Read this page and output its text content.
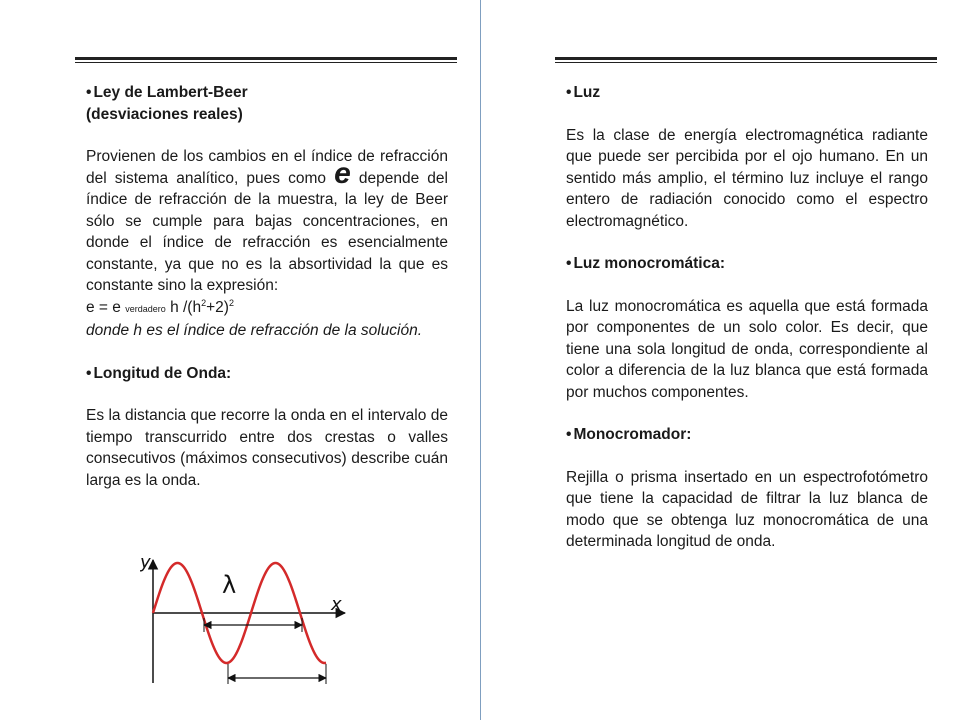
• Ley de Lambert-Beer
(desviaciones reales)

Provienen de los cambios en el índice de refracción del sistema analítico, pues como e depende del índice de refracción de la muestra, la ley de Beer sólo se cumple para bajas concentraciones, en donde el índice de refracción es esencialmente constante, ya que no es la absortividad la que es constante sino la expresión:

e = e verdadero h $/(h^2+2)^2$

donde h es el índice de refracción de la solución.

• Longitud de Onda:

Es la distancia que recorre la onda en el intervalo de tiempo transcurrido entre dos crestas o valles consecutivos (máximos consecutivos) describe cuán larga es la onda.

y
x
λ

• Luz

Es la clase de energía electromagnética radiante que puede ser percibida por el ojo humano. En un sentido más amplio, el término luz incluye el rango entero de radiación conocido como el espectro electromagnético.

• Luz monocromática:

La luz monocromática es aquella que está formada por componentes de un solo color. Es decir, que tiene una sola longitud de onda, correspondiente al color a diferencia de la luz blanca que está formada por muchos componentes.

• Monocromador:

Rejilla o prisma insertado en un espectrofotómetro que tiene la capacidad de filtrar la luz blanca de modo que se obtenga luz monocromática de una determinada longitud de onda.
